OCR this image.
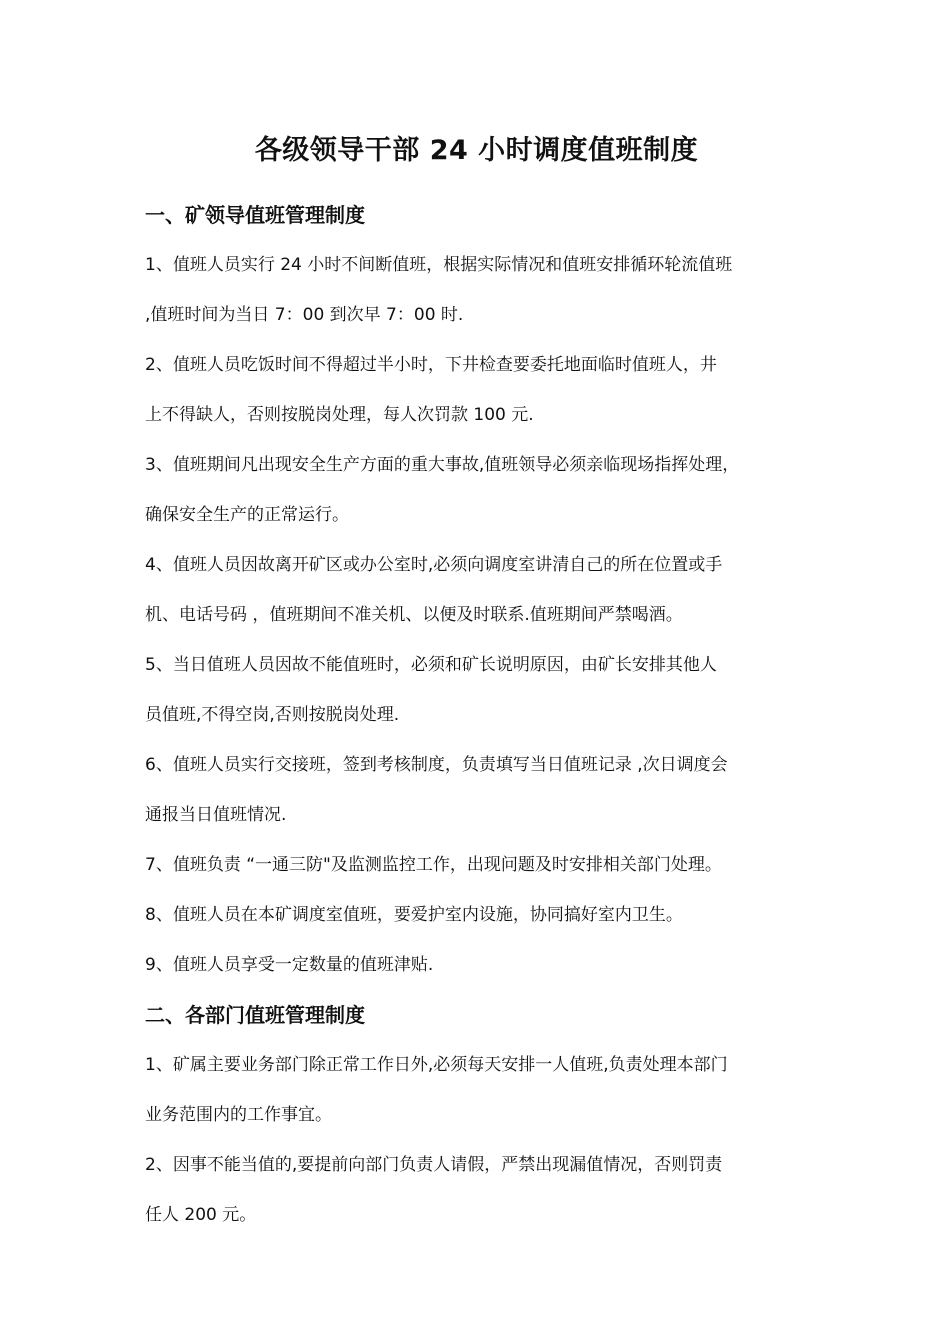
各级领导干部 24 小时调度值班制度
一、矿领导值班管理制度

1、值班人员实行 24 小时不间断值班，根据实际情况和值班安排循环轮流值班
,值班时间为当日 7：00 到次早 7：00 时.

2、值班人员吃饭时间不得超过半小时，下井检查要委托地面临时值班人，井
上不得缺人，否则按脱岗处理，每人次罚款 100 元.

3、值班期间凡出现安全生产方面的重大事故,值班领导必须亲临现场指挥处理，
确保安全生产的正常运行。

4、值班人员因故离开矿区或办公室时,必须向调度室讲清自己的所在位置或手
机、电话号码 ，值班期间不准关机、以便及时联系.值班期间严禁喝酒。

5、当日值班人员因故不能值班时，必须和矿长说明原因，由矿长安排其他人
员值班,不得空岗,否则按脱岗处理.

6、值班人员实行交接班，签到考核制度，负责填写当日值班记录 ,次日调度会
通报当日值班情况.

7、值班负责 “一通三防"及监测监控工作，出现问题及时安排相关部门处理。

8、值班人员在本矿调度室值班，要爱护室内设施，协同搞好室内卫生。

9、值班人员享受一定数量的值班津贴.

二、各部门值班管理制度

1、矿属主要业务部门除正常工作日外,必须每天安排一人值班,负责处理本部门
业务范围内的工作事宜。

2、因事不能当值的,要提前向部门负责人请假，严禁出现漏值情况，否则罚责
任人 200 元。
